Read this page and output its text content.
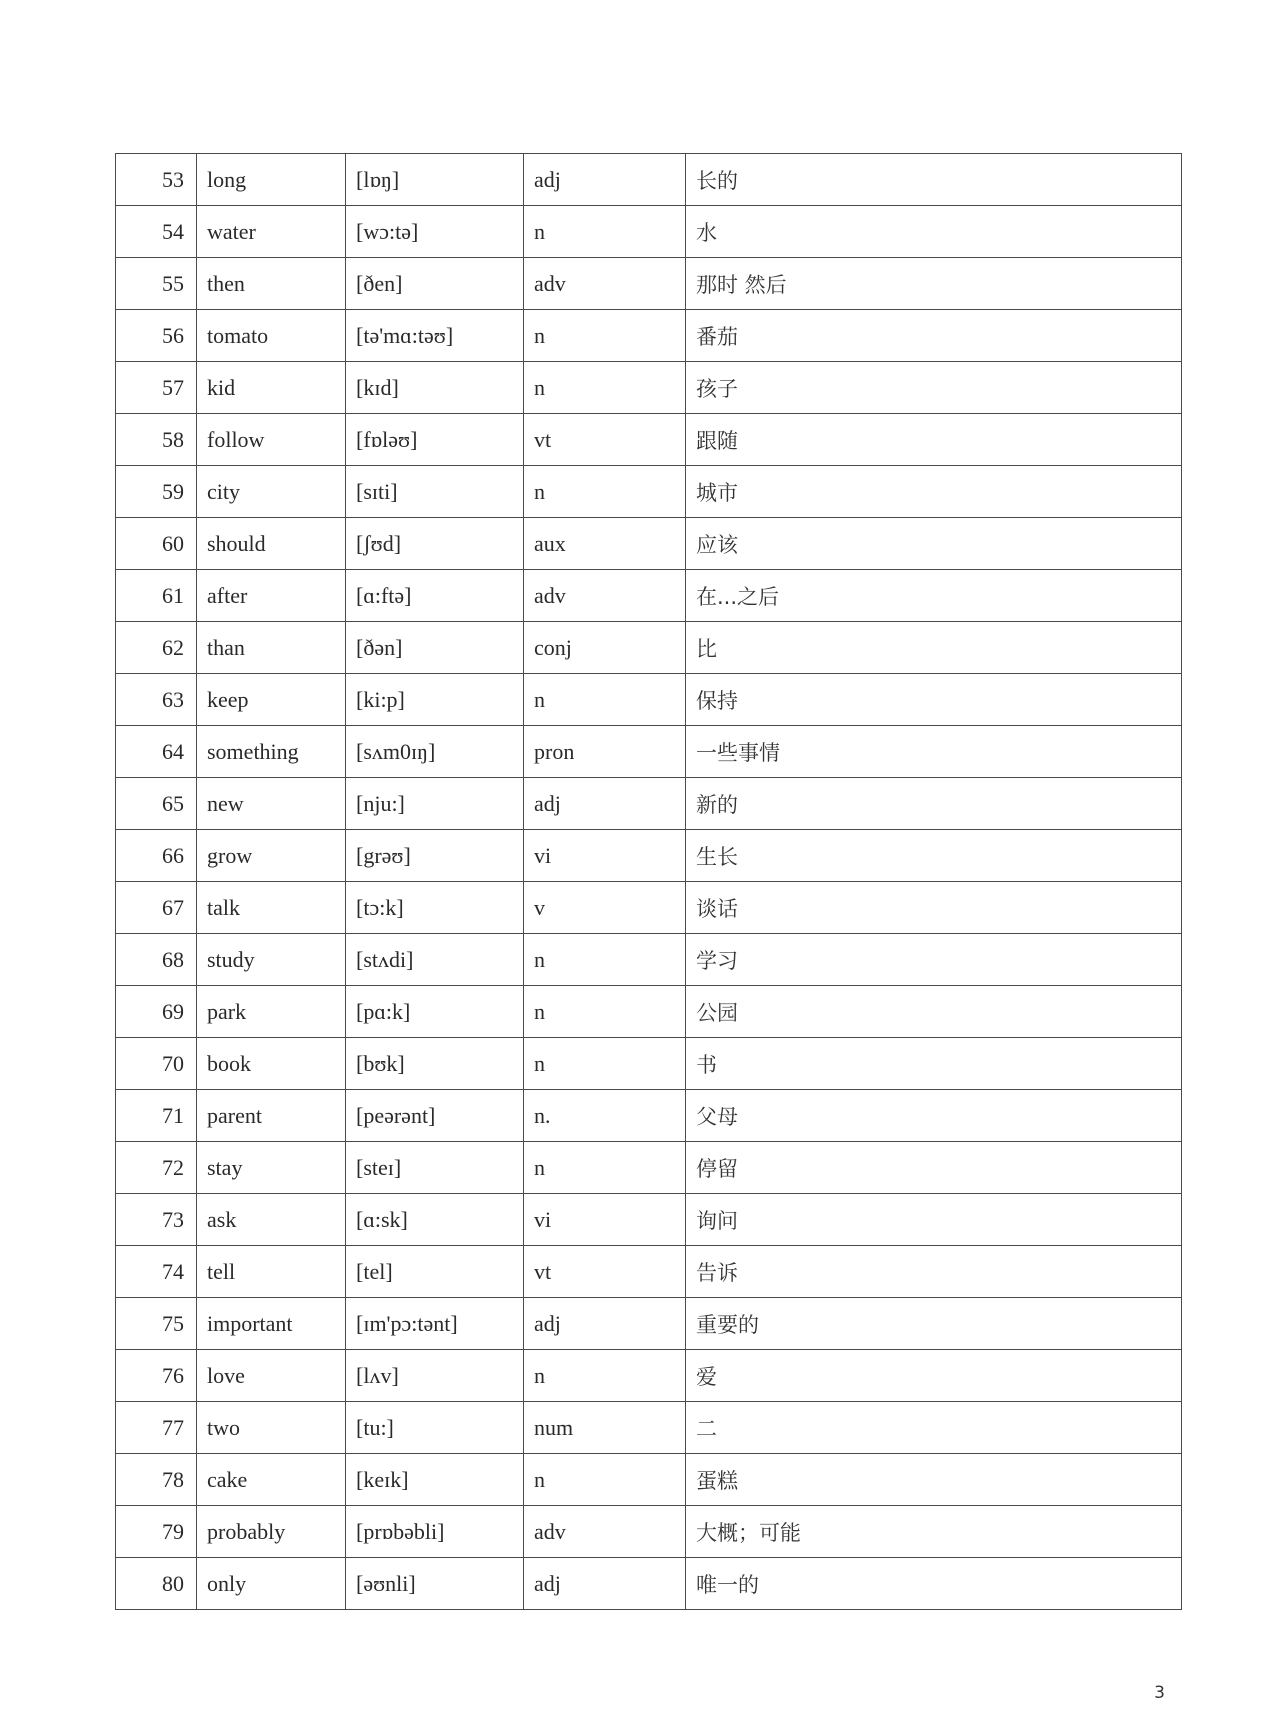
53	long	[lɒŋ]	adj	长的
54	water	[wɔ:tə]	n	水
55	then	[ðen]	adv	那时 然后
56	tomato	[tə'mɑ:təʊ]	n	番茄
57	kid	[kɪd]	n	孩子
58	follow	[fɒləʊ]	vt	跟随
59	city	[sɪti]	n	城市
60	should	[ʃʊd]	aux	应该
61	after	[ɑ:ftə]	adv	在...之后
62	than	[ðən]	conj	比
63	keep	[ki:p]	n	保持
64	something	[sʌm0ɪŋ]	pron	一些事情
65	new	[nju:]	adj	新的
66	grow	[grəʊ]	vi	生长
67	talk	[tɔ:k]	v	谈话
68	study	[stʌdi]	n	学习
69	park	[pɑ:k]	n	公园
70	book	[bʊk]	n	书
71	parent	[peərənt]	n.	父母
72	stay	[steɪ]	n	停留
73	ask	[ɑ:sk]	vi	询问
74	tell	[tel]	vt	告诉
75	important	[ɪm'pɔ:tənt]	adj	重要的
76	love	[lʌv]	n	爱
77	two	[tu:]	num	二
78	cake	[keɪk]	n	蛋糕
79	probably	[prɒbəbli]	adv	大概；可能
80	only	[əʊnli]	adj	唯一的
3
